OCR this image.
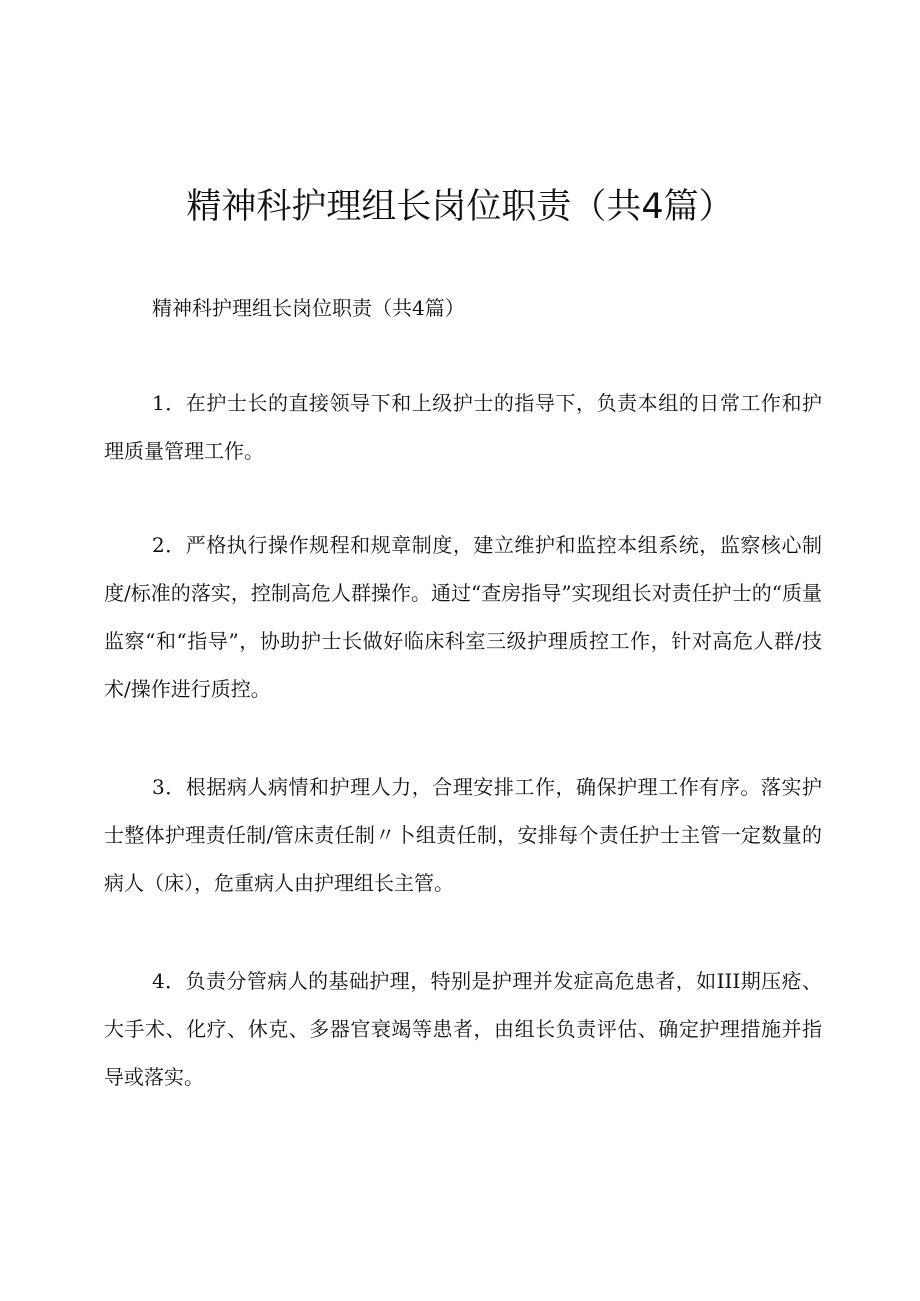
精神科护理组长岗位职责（共4篇）

精神科护理组长岗位职责（共4篇）

1．在护士长的直接领导下和上级护士的指导下，负责本组的日常工作和护理质量管理工作。

2．严格执行操作规程和规章制度，建立维护和监控本组系统，监察核心制度/标准的落实，控制高危人群操作。通过“查房指导”实现组长对责任护士的“质量监察“和“指导”，协助护士长做好临床科室三级护理质控工作，针对高危人群/技术/操作进行质控。

3．根据病人病情和护理人力，合理安排工作，确保护理工作有序。落实护士整体护理责任制/管床责任制〃卜组责任制，安排每个责任护士主管一定数量的病人（床），危重病人由护理组长主管。

4．负责分管病人的基础护理，特别是护理并发症高危患者，如III期压疮、大手术、化疗、休克、多器官衰竭等患者，由组长负责评估、确定护理措施并指导或落实。
